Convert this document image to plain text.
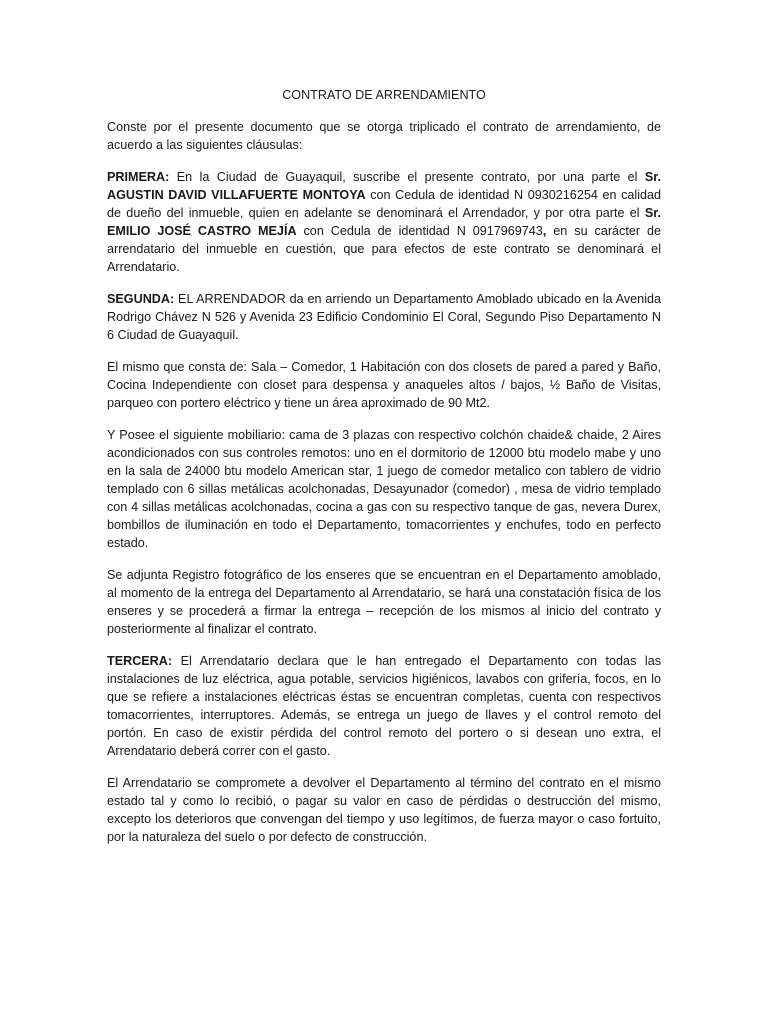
CONTRATO DE ARRENDAMIENTO

Conste por el presente documento que se otorga triplicado el contrato de arrendamiento, de acuerdo a las siguientes cláusulas:

PRIMERA: En la Ciudad de Guayaquil, suscribe el presente contrato, por una parte el Sr. AGUSTIN DAVID VILLAFUERTE MONTOYA con Cedula de identidad N 0930216254 en calidad de dueño del inmueble, quien en adelante se denominará el Arrendador, y por otra parte el Sr. EMILIO JOSÉ CASTRO MEJÍA con Cedula de identidad N 0917969743, en su carácter de arrendatario del inmueble en cuestión, que para efectos de este contrato se denominará el Arrendatario.

SEGUNDA: EL ARRENDADOR da en arriendo un Departamento Amoblado ubicado en la Avenida Rodrigo Chávez N 526 y Avenida 23 Edificio Condominio El Coral, Segundo Piso Departamento N 6 Ciudad de Guayaquil.

El mismo que consta de: Sala – Comedor, 1 Habitación con dos closets de pared a pared y Baño, Cocina Independiente con closet para despensa y anaqueles altos / bajos, ½ Baño de Visitas, parqueo con portero eléctrico y tiene un área aproximado de 90 Mt2.

Y Posee el siguiente mobiliario: cama de 3 plazas con respectivo colchón chaide& chaide, 2 Aires acondicionados con sus controles remotos: uno en el dormitorio de 12000 btu modelo mabe y uno en la sala de 24000 btu modelo American star, 1 juego de comedor metalico con tablero de vidrio templado con 6 sillas metálicas acolchonadas, Desayunador (comedor) , mesa de vidrio templado con 4 sillas metálicas acolchonadas, cocina a gas con su respectivo tanque de gas, nevera Durex, bombillos de iluminación en todo el Departamento, tomacorrientes y enchufes, todo en perfecto estado.

Se adjunta Registro fotográfico de los enseres que se encuentran en el Departamento amoblado, al momento de la entrega del Departamento al Arrendatario, se hará una constatación física de los enseres y se procederá a firmar la entrega – recepción de los mismos al inicio del contrato y posteriormente al finalizar el contrato.

TERCERA: El Arrendatario declara que le han entregado el Departamento con todas las instalaciones de luz eléctrica, agua potable, servicios higiénicos, lavabos con grifería, focos, en lo que se refiere a instalaciones eléctricas éstas se encuentran completas, cuenta con respectivos tomacorrientes, interruptores. Además, se entrega un juego de llaves y el control remoto del portón. En caso de existir pérdida del control remoto del portero o si desean uno extra, el Arrendatario deberá correr con el gasto.

El Arrendatario se compromete a devolver el Departamento al término del contrato en el mismo estado tal y como lo recibió, o pagar su valor en caso de pérdidas o destrucción del mismo, excepto los deterioros que convengan del tiempo y uso legítimos, de fuerza mayor o caso fortuito, por la naturaleza del suelo o por defecto de construcción.
